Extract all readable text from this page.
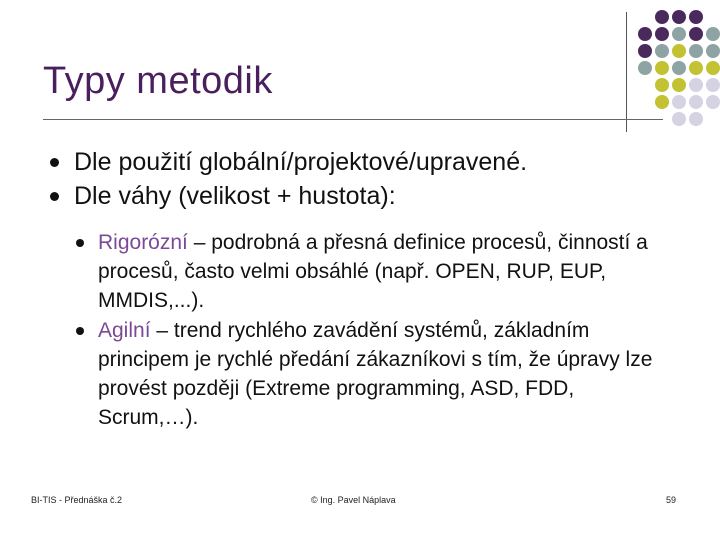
Typy metodik
Dle použití globální/projektové/upravené.
Dle váhy (velikost + hustota):
Rigorózní – podrobná a přesná definice procesů, činností a procesů, často velmi obsáhlé (např. OPEN, RUP, EUP, MMDIS,...).
Agilní – trend rychlého zavádění systémů, základním principem je rychlé předání zákazníkovi s tím, že úpravy lze provést později (Extreme programming, ASD, FDD, Scrum,…).
BI-TIS - Přednáška č.2	© Ing. Pavel Náplava	59
